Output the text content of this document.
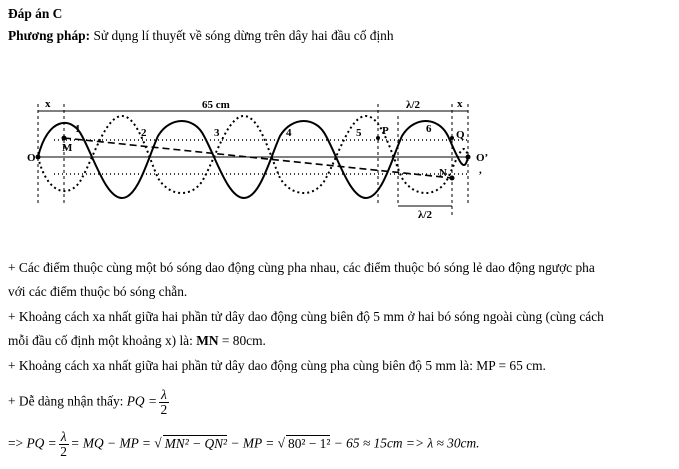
Đáp án C
Phương pháp: Sử dụng lí thuyết về sóng dừng trên dây hai đầu cố định
x	65 cm	λ/2	x
O	O’
,
M
N
P	Q
1	2	3	4	5	6
λ/2
+ Các điểm thuộc cùng một bó sóng dao động cùng pha nhau, các điểm thuộc bó sóng lẻ dao động ngược pha
với các điểm thuộc bó sóng chẵn.
+ Khoảng cách xa nhất giữa hai phần tử dây dao động cùng biên độ 5 mm ở hai bó sóng ngoài cùng (cùng cách
mỗi đầu cố định một khoảng x) là: MN = 80cm.
+ Khoảng cách xa nhất giữa hai phần tử dây dao động cùng pha cùng biên độ 5 mm là: MP = 65 cm.
+ Dễ dàng nhận thấy: PQ = $\frac{\lambda}{2}$
=> PQ = $\frac{\lambda}{2}$ = MQ − MP = √ MN² − QN² − MP = √ 80² − 1² − 65 ≈ 15cm => λ ≈ 30cm.
